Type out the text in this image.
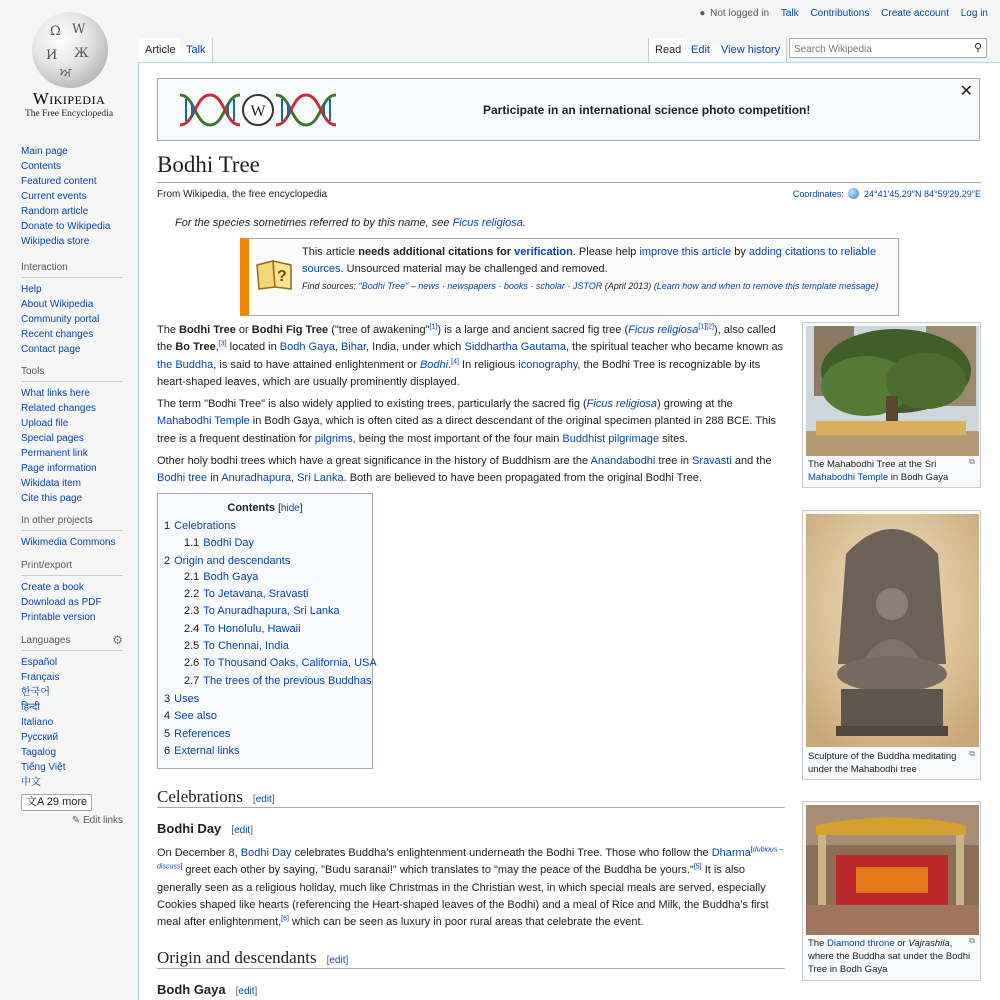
Ω W
И Ж
ਅ
Wikipedia
The Free Encyclopedia
Main page
Contents
Featured content
Current events
Random article
Donate to Wikipedia
Wikipedia store
Interaction
Help
About Wikipedia
Community portal
Recent changes
Contact page
Tools
What links here
Related changes
Upload file
Special pages
Permanent link
Page information
Wikidata item
Cite this page
In other projects
Wikimedia Commons
Print/export
Create a book
Download as PDF
Printable version
Languages	⚙
Español
Français
한국어
हिन्दी
Italiano
Русский
Tagalog
Tiếng Việt
中文
文A 29 more
✎ Edit links
● Not logged in Talk Contributions Create account Log in
Article Talk	Read Edit	View history
Search Wikipedia	⚲
W	Participate in an international science photo competition!
✕
Bodhi Tree
From Wikipedia, the free encyclopedia	Coordinates: 24°41′45.29″N 84°59′29.29″E
For the species sometimes referred to by this name, see Ficus religiosa.
?
This article needs additional citations for verification. Please help improve this article by adding citations to reliable sources. Unsourced material may be challenged and removed.
Find sources: "Bodhi Tree" – news · newspapers · books · scholar · JSTOR (April 2013) (Learn how and when to remove this template message)
The Bodhi Tree or Bodhi Fig Tree ("tree of awakening"[1]) is a large and ancient sacred fig tree (Ficus religiosa[1][2]), also called the Bo Tree,[3] located in Bodh Gaya, Bihar, India, under which Siddhartha Gautama, the spiritual teacher who became known as the Buddha, is said to have attained enlightenment or Bodhi.[4] In religious iconography, the Bodhi Tree is recognizable by its heart-shaped leaves, which are usually prominently displayed.
The term "Bodhi Tree" is also widely applied to existing trees, particularly the sacred fig (Ficus religiosa) growing at the Mahabodhi Temple in Bodh Gaya, which is often cited as a direct descendant of the original specimen planted in 288 BCE. This tree is a frequent destination for pilgrims, being the most important of the four main Buddhist pilgrimage sites.
Other holy bodhi trees which have a great significance in the history of Buddhism are the Anandabodhi tree in Sravasti and the Bodhi tree in Anuradhapura, Sri Lanka. Both are believed to have been propagated from the original Bodhi Tree.
Contents [hide]
1 Celebrations
1.1 Bodhi Day
2 Origin and descendants
2.1 Bodh Gaya
2.2 To Jetavana, Sravasti
2.3 To Anuradhapura, Sri Lanka
2.4 To Honolulu, Hawaii
2.5 To Chennai, India
2.6 To Thousand Oaks, California, USA
2.7 The trees of the previous Buddhas
3 Uses
4 See also
5 References
6 External links
Celebrations [edit]
Bodhi Day [edit]
On December 8, Bodhi Day celebrates Buddha's enlightenment underneath the Bodhi Tree. Those who follow the Dharma[dubious – discuss] greet each other by saying, "Budu saranai!" which translates to "may the peace of the Buddha be yours."[5] It is also generally seen as a religious holiday, much like Christmas in the Christian west, in which special meals are served, especially Cookies shaped like hearts (referencing the Heart-shaped leaves of the Bodhi) and a meal of Rice and Milk, the Buddha's first meal after enlightenment,[6] which can be seen as luxury in poor rural areas that celebrate the event.
Origin and descendants [edit]
Bodh Gaya [edit]
The Mahabodhi Tree at the Sri Mahabodhi Temple in Bodh Gaya
⧉
Sculpture of the Buddha meditating under the Mahabodhi tree
⧉
The Diamond throne or Vajrashila, where the Buddha sat under the Bodhi Tree in Bodh Gaya
⧉
